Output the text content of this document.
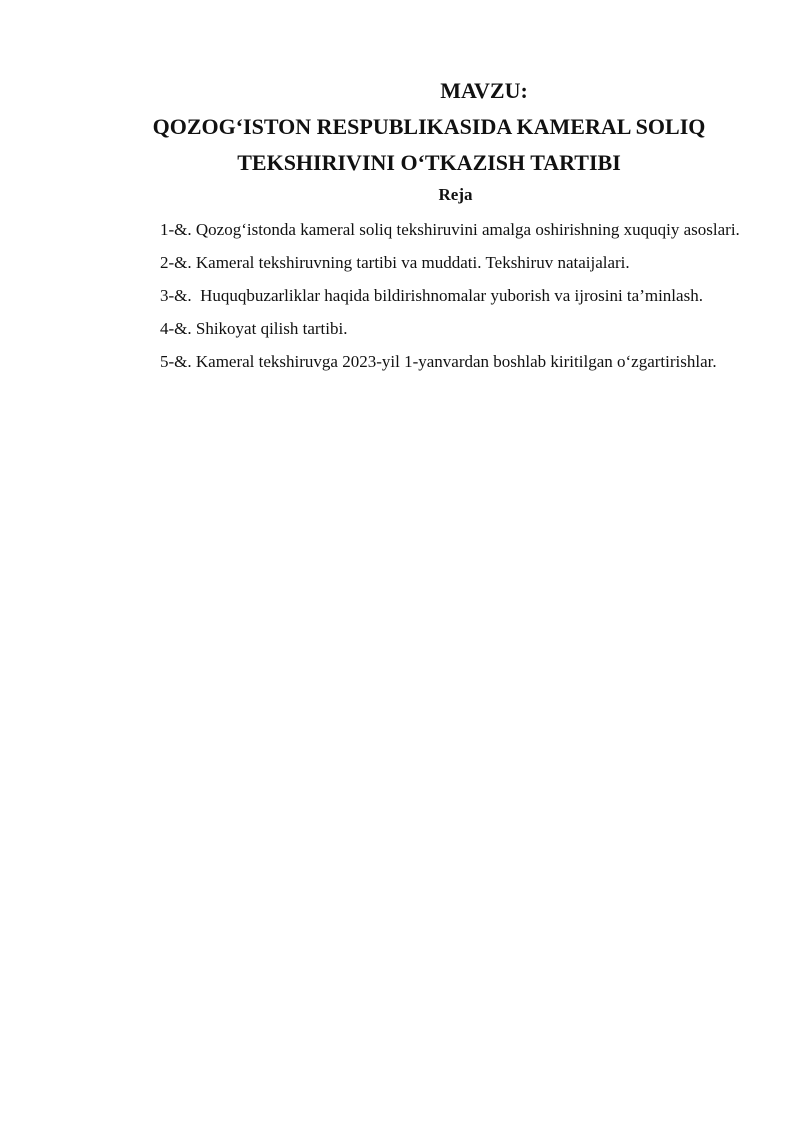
MAVZU:
QOZOG‘ISTON RESPUBLIKASIDA KAMERAL SOLIQ
TEKSHIRIVINI O‘TKAZISH TARTIBI
Reja

1-&. Qozog‘istonda kameral soliq tekshiruvini amalga oshirishning xuquqiy asoslari.

2-&. Kameral tekshiruvning tartibi va muddati. Tekshiruv nataijalari.

3-&.  Huquqbuzarliklar haqida bildirishnomalar yuborish va ijrosini ta’minlash.

4-&. Shikoyat qilish tartibi.

5-&. Kameral tekshiruvga 2023-yil 1-yanvardan boshlab kiritilgan o‘zgartirishlar.
